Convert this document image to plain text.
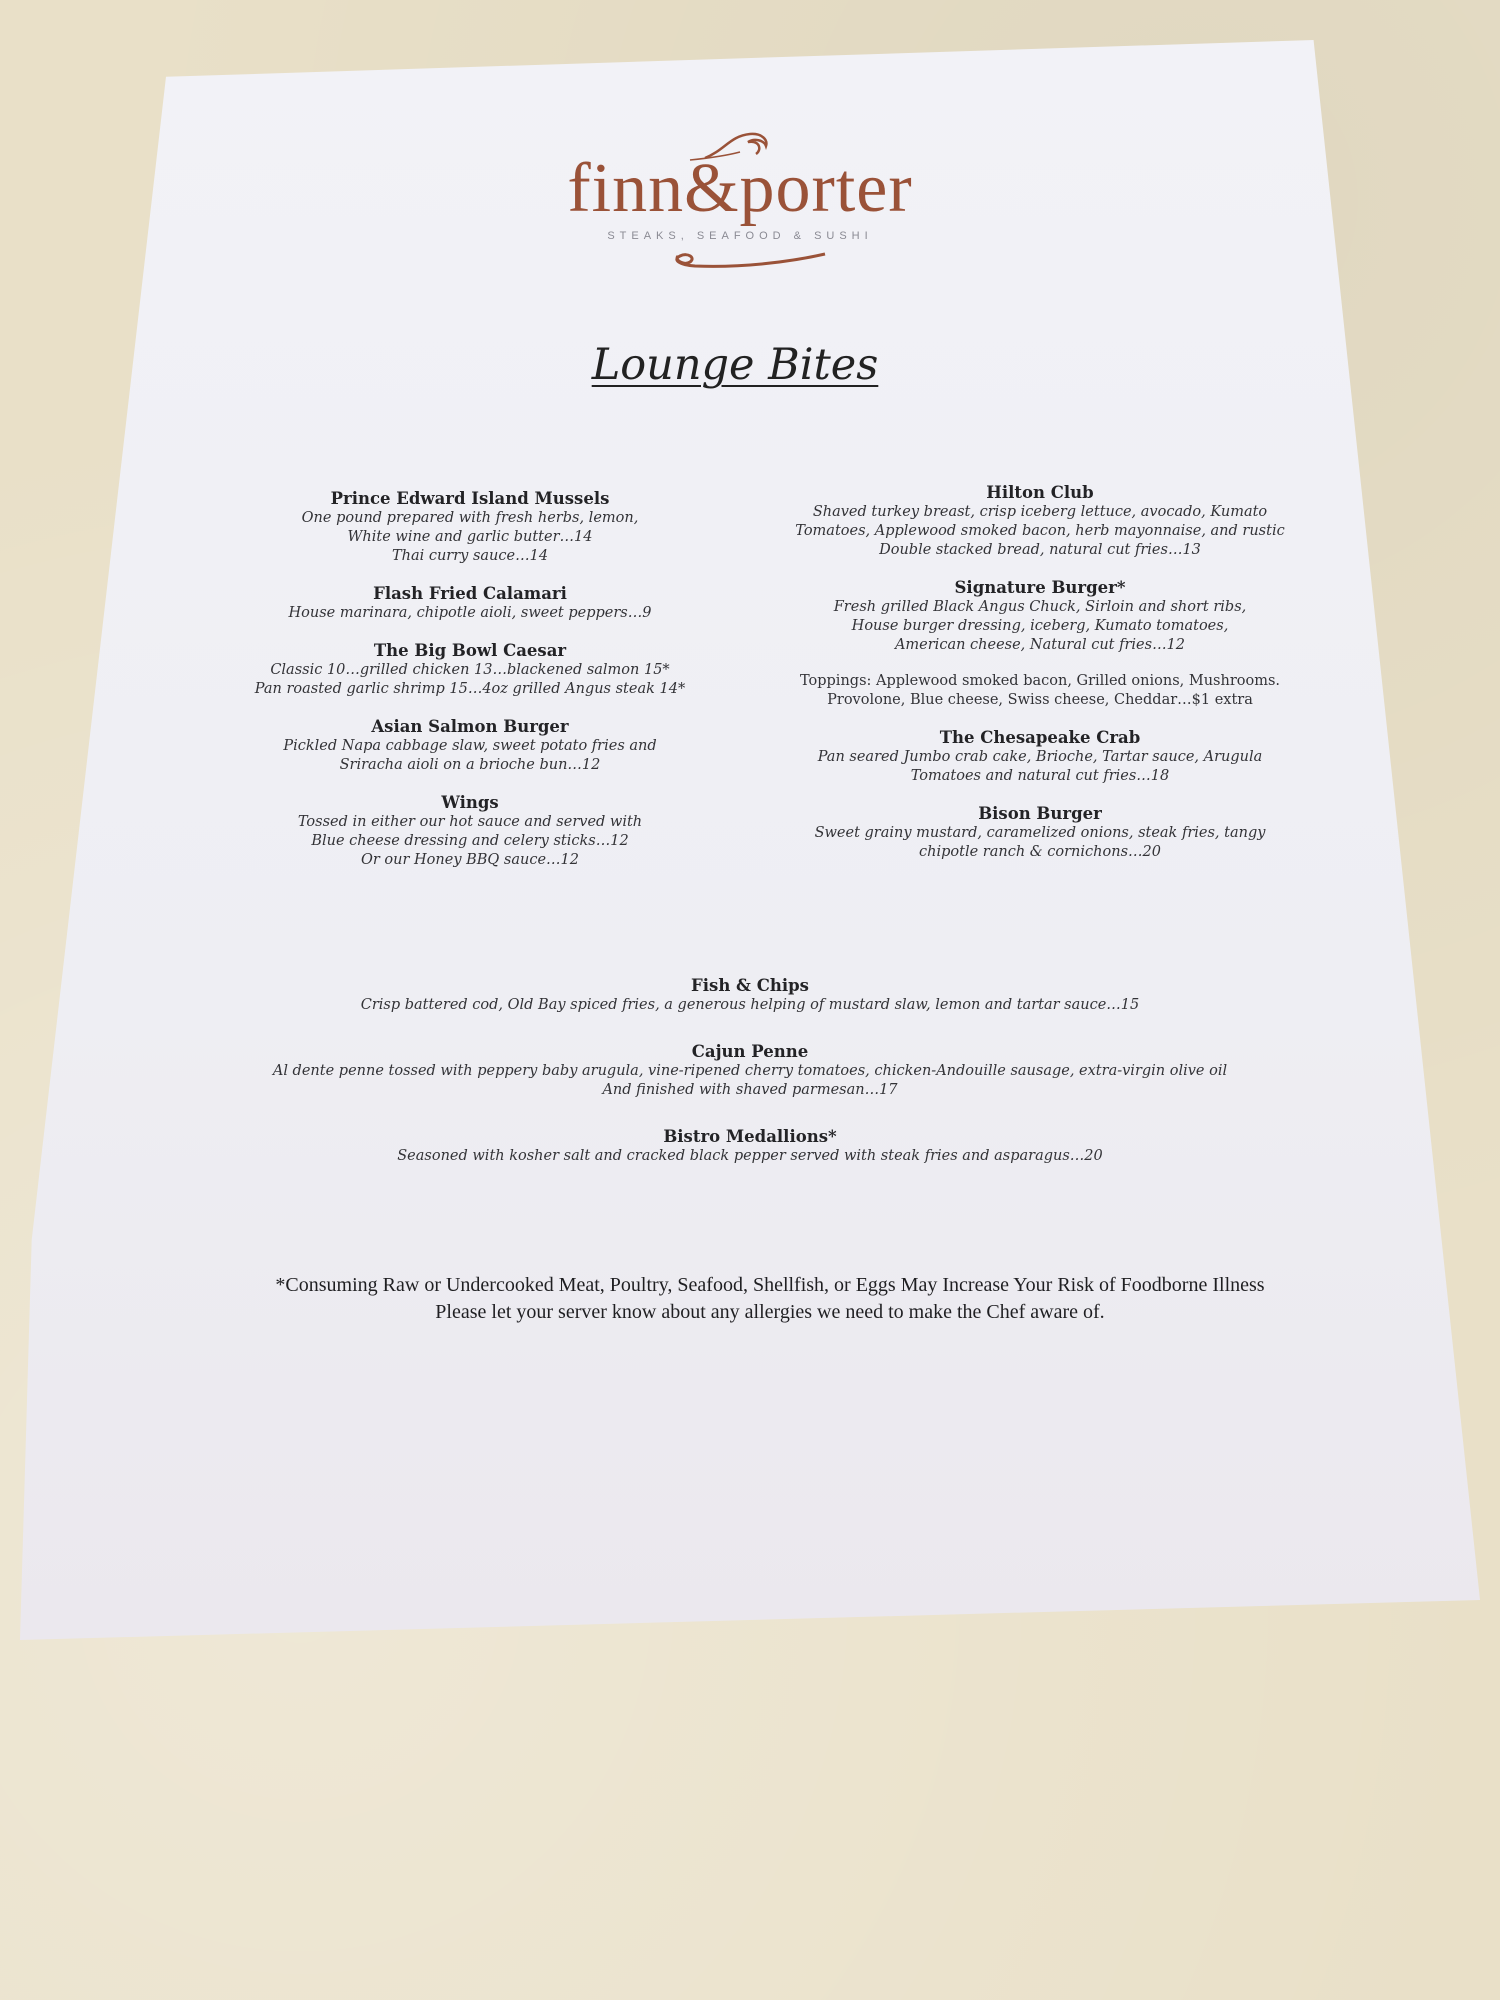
finn&porter
STEAKS, SEAFOOD & SUSHI
Lounge Bites
Prince Edward Island Mussels
One pound prepared with fresh herbs, lemon,
White wine and garlic butter…14
Thai curry sauce…14
Flash Fried Calamari
House marinara, chipotle aioli, sweet peppers…9
The Big Bowl Caesar
Classic 10…grilled chicken 13…blackened salmon 15*
Pan roasted garlic shrimp 15…4oz grilled Angus steak 14*
Asian Salmon Burger
Pickled Napa cabbage slaw, sweet potato fries and
Sriracha aioli on a brioche bun…12
Wings
Tossed in either our hot sauce and served with
Blue cheese dressing and celery sticks…12
Or our Honey BBQ sauce…12
Hilton Club
Shaved turkey breast, crisp iceberg lettuce, avocado, Kumato
Tomatoes, Applewood smoked bacon, herb mayonnaise, and rustic
Double stacked bread, natural cut fries…13
Signature Burger*
Fresh grilled Black Angus Chuck, Sirloin and short ribs,
House burger dressing, iceberg, Kumato tomatoes,
American cheese, Natural cut fries…12
Toppings: Applewood smoked bacon, Grilled onions, Mushrooms.
Provolone, Blue cheese, Swiss cheese, Cheddar…$1 extra
The Chesapeake Crab
Pan seared Jumbo crab cake, Brioche, Tartar sauce, Arugula
Tomatoes and natural cut fries…18
Bison Burger
Sweet grainy mustard, caramelized onions, steak fries, tangy
chipotle ranch & cornichons…20
Fish & Chips
Crisp battered cod, Old Bay spiced fries, a generous helping of mustard slaw, lemon and tartar sauce…15
Cajun Penne
Al dente penne tossed with peppery baby arugula, vine-ripened cherry tomatoes, chicken-Andouille sausage, extra-virgin olive oil
And finished with shaved parmesan…17
Bistro Medallions*
Seasoned with kosher salt and cracked black pepper served with steak fries and asparagus…20
*Consuming Raw or Undercooked Meat, Poultry, Seafood, Shellfish, or Eggs May Increase Your Risk of Foodborne Illness
Please let your server know about any allergies we need to make the Chef aware of.
